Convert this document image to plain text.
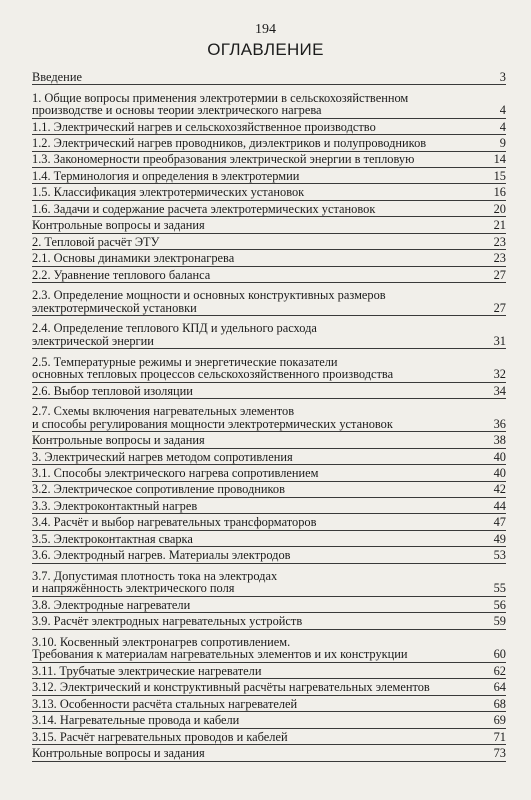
194
ОГЛАВЛЕНИЕ
Введение	3
1. Общие вопросы применения электротермии в сельскохозяйственном
производстве и основы теории электрического нагрева	4
1.1. Электрический нагрев и сельскохозяйственное производство	4
1.2. Электрический нагрев проводников, диэлектриков и полупроводников	9
1.3. Закономерности преобразования электрической энергии в тепловую	14
1.4. Терминология и определения в электротермии	15
1.5. Классификация электротермических установок	16
1.6. Задачи и содержание расчета электротермических установок	20
Контрольные вопросы и задания	21
2. Тепловой расчёт ЭТУ	23
2.1. Основы динамики электронагрева	23
2.2. Уравнение теплового баланса	27
2.3. Определение мощности и основных конструктивных размеров
электротермической установки	27
2.4. Определение теплового КПД и удельного расхода
электрической энергии	31
2.5. Температурные режимы и энергетические показатели
основных тепловых процессов сельскохозяйственного производства	32
2.6. Выбор тепловой изоляции	34
2.7. Схемы включения нагревательных элементов
и способы регулирования мощности электротермических установок	36
Контрольные вопросы и задания	38
3. Электрический нагрев методом сопротивления	40
3.1. Способы электрического нагрева сопротивлением	40
3.2. Электрическое сопротивление проводников	42
3.3. Электроконтактный нагрев	44
3.4. Расчёт и выбор нагревательных трансформаторов	47
3.5. Электроконтактная сварка	49
3.6. Электродный нагрев. Материалы электродов	53
3.7. Допустимая плотность тока на электродах
и напряжённость электрического поля	55
3.8. Электродные нагреватели	56
3.9. Расчёт электродных нагревательных устройств	59
3.10. Косвенный электронагрев сопротивлением.
Требования к материалам нагревательных элементов и их конструкции	60
3.11. Трубчатые электрические нагреватели	62
3.12. Электрический и конструктивный расчёты нагревательных элементов	64
3.13. Особенности расчёта стальных нагревателей	68
3.14. Нагревательные провода и кабели	69
3.15. Расчёт нагревательных проводов и кабелей	71
Контрольные вопросы и задания	73
